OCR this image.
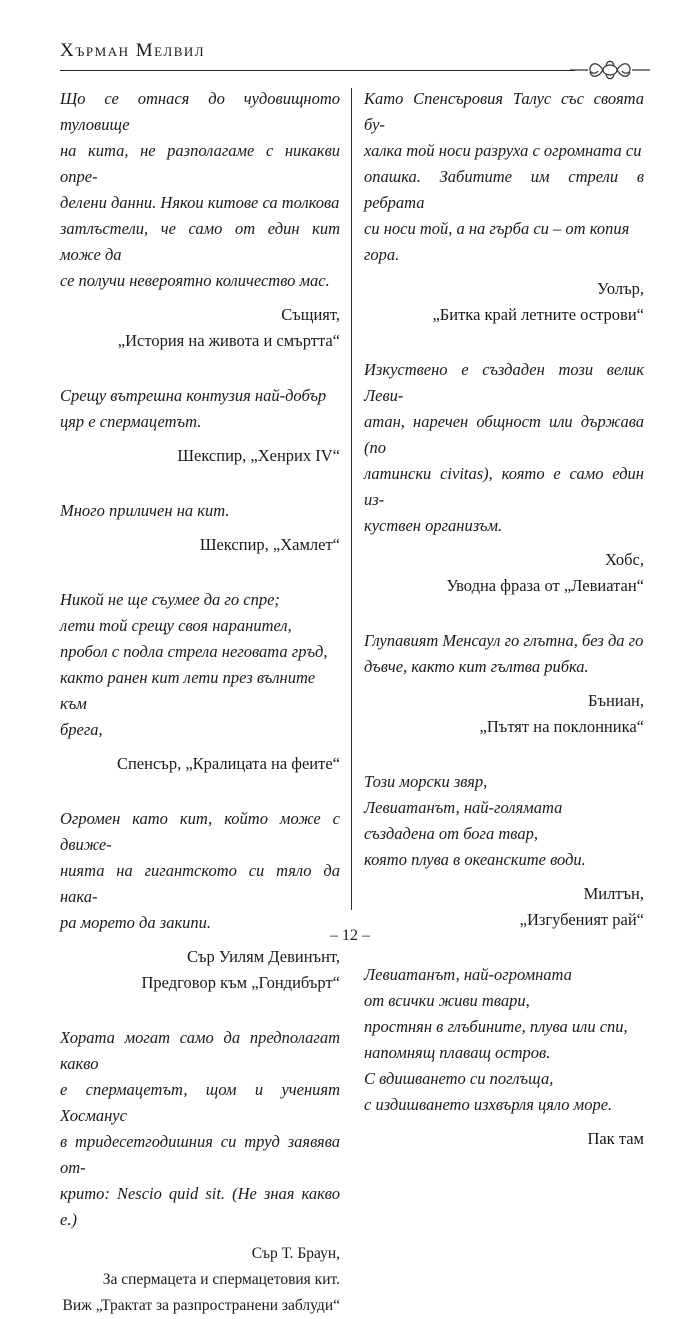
Хърман Мелвил

Що се отнася до чудовищното туловище
на кита, не разполагаме с никакви опре-
делени данни. Някои китове са толкова
затлъстели, че само от един кит може да
се получи невероятно количество мас.

Същият,
„История на живота и смъртта“

Срещу вътрешна контузия най-добър
цяр е спермацетът.

Шекспир, „Хенрих IV“

Много приличен на кит.

Шекспир, „Хамлет“

Никой не ще съумее да го спре;
лети той срещу своя наранител,
пробол с подла стрела неговата гръд,
както ранен кит лети през вълните към
брега,

Спенсър, „Кралицата на феите“

Огромен като кит, който може с движе-
нията на гигантското си тяло да нака-
ра морето да закипи.

Сър Уилям Девинънт,
Предговор към „Гондибърт“

Хората могат само да предполагат какво
е спермацетът, щом и ученият Хосманус
в тридесетгодишния си труд заявява от-
крито: Nescio quid sit. (Не зная какво е.)

Сър Т. Браун,
За спермацета и спермацетовия кит.
Виж „Трактат за разпространени заблуди“

Като Спенсъровия Талус със своята бу-
халка той носи разруха с огромната си
опашка. Забитите им стрели в ребрата
си носи той, а на гърба си – от копия
гора.

Уолър,
„Битка край летните острови“

Изкуствено е създаден този велик Леви-
атан, наречен общност или държава (по
латински civitas), която е само един из-
куствен организъм.

Хобс,
Уводна фраза от „Левиатан“

Глупавият Менсаул го глътна, без да го
дъвче, както кит гълтва рибка.

Бъниан,
„Пътят на поклонника“

Този морски звяр,
Левиатанът, най-голямата
създадена от бога твар,
която плува в океанските води.

Милтън,
„Изгубеният рай“

Левиатанът, най-огромната
от всички живи твари,
простнян в глъбините, плува или спи,
напомнящ плаващ остров.
С вдишването си поглъща,
с издишването изхвърля цяло море.

Пак там
– 12 –
